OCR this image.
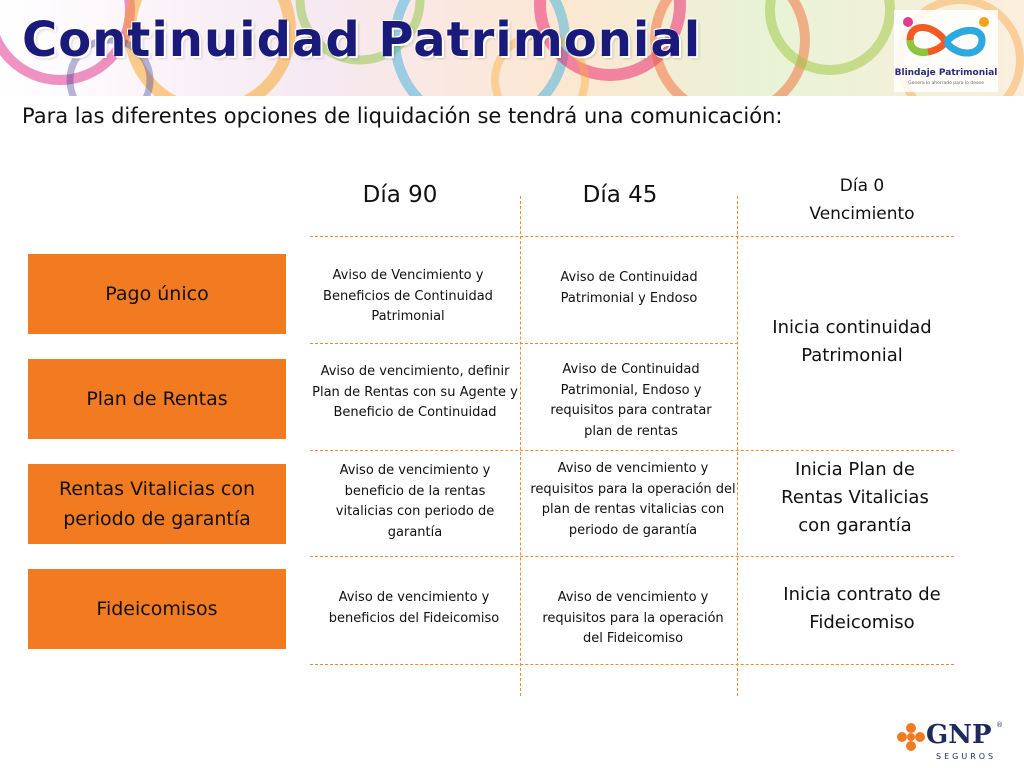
Continuidad Patrimonial
Blindaje Patrimonial
Genera lo ahorrado para lo desee
Para las diferentes opciones de liquidación se tendrá una comunicación:
Día 90	Día 45	Día 0
Vencimiento
Pago único
Plan de Rentas
Rentas Vitalicias con periodo de garantía
Fideicomisos
Aviso de Vencimiento y Beneficios de Continuidad Patrimonial
Aviso de vencimiento, definir Plan de Rentas con su Agente y Beneficio de Continuidad
Aviso de vencimiento y beneficio de la rentas vitalicias con periodo de garantía
Aviso de vencimiento y beneficios del Fideicomiso
Aviso de Continuidad Patrimonial y Endoso
Aviso de Continuidad Patrimonial, Endoso y requisitos para contratar plan de rentas
Aviso de vencimiento y requisitos para la operación del plan de rentas vitalicias con periodo de garantía
Aviso de vencimiento y requisitos para la operación del Fideicomiso
Inicia continuidad Patrimonial
Inicia Plan de Rentas Vitalicias con garantía
Inicia contrato de Fideicomiso
GNP ®
SEGUROS
